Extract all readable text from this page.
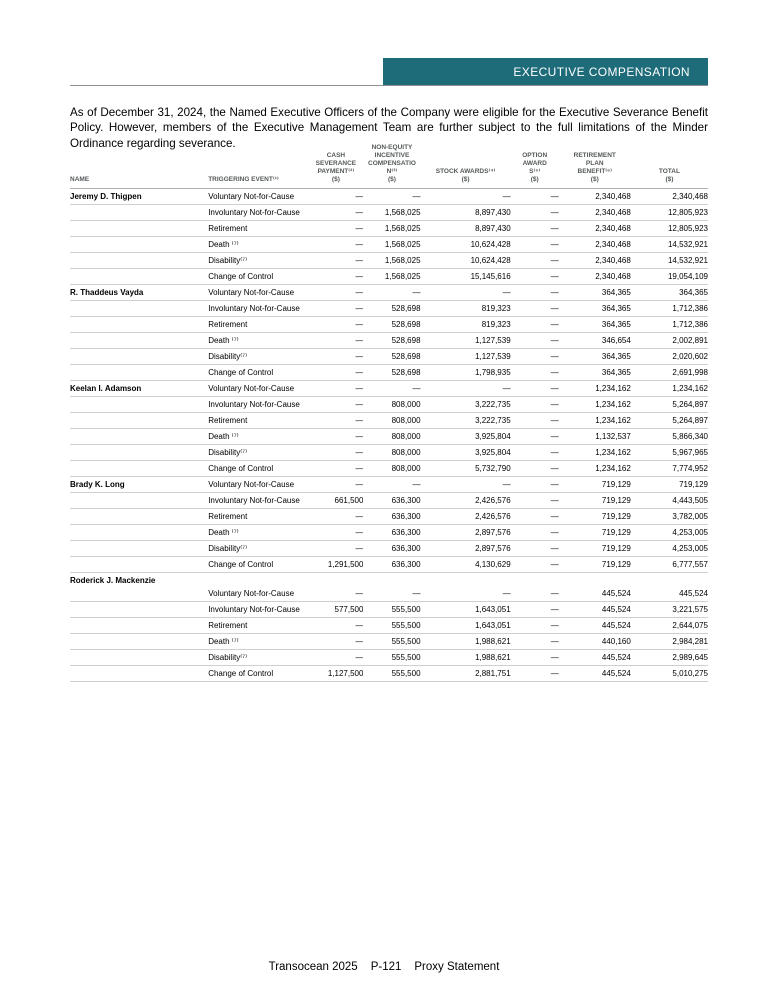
EXECUTIVE COMPENSATION

As of December 31, 2024, the Named Executive Officers of the Company were eligible for the Executive Severance Benefit Policy. However, members of the Executive Management Team are further subject to the full limitations of the Minder Ordinance regarding severance.

NAME	TRIGGERING EVENT⁽¹⁾

CASH
SEVERANCE
PAYMENT⁽²⁾
($)

NON-EQUITY
INCENTIVE
COMPENSATIO
N⁽³⁾
($)

STOCK AWARDS⁽⁴⁾
($)

OPTION
AWARD
S⁽⁵⁾
($)

RETIREMENT
PLAN
BENEFIT⁽⁶⁾
($)

TOTAL
($)

Jeremy D. Thigpen	Voluntary Not-for-Cause	—	—	—	—	2,340,468	2,340,468
	Involuntary Not-for-Cause	—	1,568,025	8,897,430	—	2,340,468	12,805,923
	Retirement	—	1,568,025	8,897,430	—	2,340,468	12,805,923
	Death ⁽⁷⁾	—	1,568,025	10,624,428	—	2,340,468	14,532,921
	Disability⁽⁷⁾	—	1,568,025	10,624,428	—	2,340,468	14,532,921
	Change of Control	—	1,568,025	15,145,616	—	2,340,468	19,054,109
R. Thaddeus Vayda	Voluntary Not-for-Cause	—	—	—	—	364,365	364,365
	Involuntary Not-for-Cause	—	528,698	819,323	—	364,365	1,712,386
	Retirement	—	528,698	819,323	—	364,365	1,712,386
	Death ⁽⁷⁾	—	528,698	1,127,539	—	346,654	2,002,891
	Disability⁽⁷⁾	—	528,698	1,127,539	—	364,365	2,020,602
	Change of Control	—	528,698	1,798,935	—	364,365	2,691,998
Keelan I. Adamson	Voluntary Not-for-Cause	—	—	—	—	1,234,162	1,234,162
	Involuntary Not-for-Cause	—	808,000	3,222,735	—	1,234,162	5,264,897
	Retirement	—	808,000	3,222,735	—	1,234,162	5,264,897
	Death ⁽⁷⁾	—	808,000	3,925,804	—	1,132,537	5,866,340
	Disability⁽⁷⁾	—	808,000	3,925,804	—	1,234,162	5,967,965
	Change of Control	—	808,000	5,732,790	—	1,234,162	7,774,952
Brady K. Long	Voluntary Not-for-Cause	—	—	—	—	719,129	719,129
	Involuntary Not-for-Cause	661,500	636,300	2,426,576	—	719,129	4,443,505
	Retirement	—	636,300	2,426,576	—	719,129	3,782,005
	Death ⁽⁷⁾	—	636,300	2,897,576	—	719,129	4,253,005
	Disability⁽⁷⁾	—	636,300	2,897,576	—	719,129	4,253,005
	Change of Control	1,291,500	636,300	4,130,629	—	719,129	6,777,557
Roderick J. Mackenzie							
	Voluntary Not-for-Cause	—	—	—	—	445,524	445,524
	Involuntary Not-for-Cause	577,500	555,500	1,643,051	—	445,524	3,221,575
	Retirement	—	555,500	1,643,051	—	445,524	2,644,075
	Death ⁽⁷⁾	—	555,500	1,988,621	—	440,160	2,984,281
	Disability⁽⁷⁾	—	555,500	1,988,621	—	445,524	2,989,645
	Change of Control	1,127,500	555,500	2,881,751	—	445,524	5,010,275
Transocean 2025 P-121 Proxy Statement
